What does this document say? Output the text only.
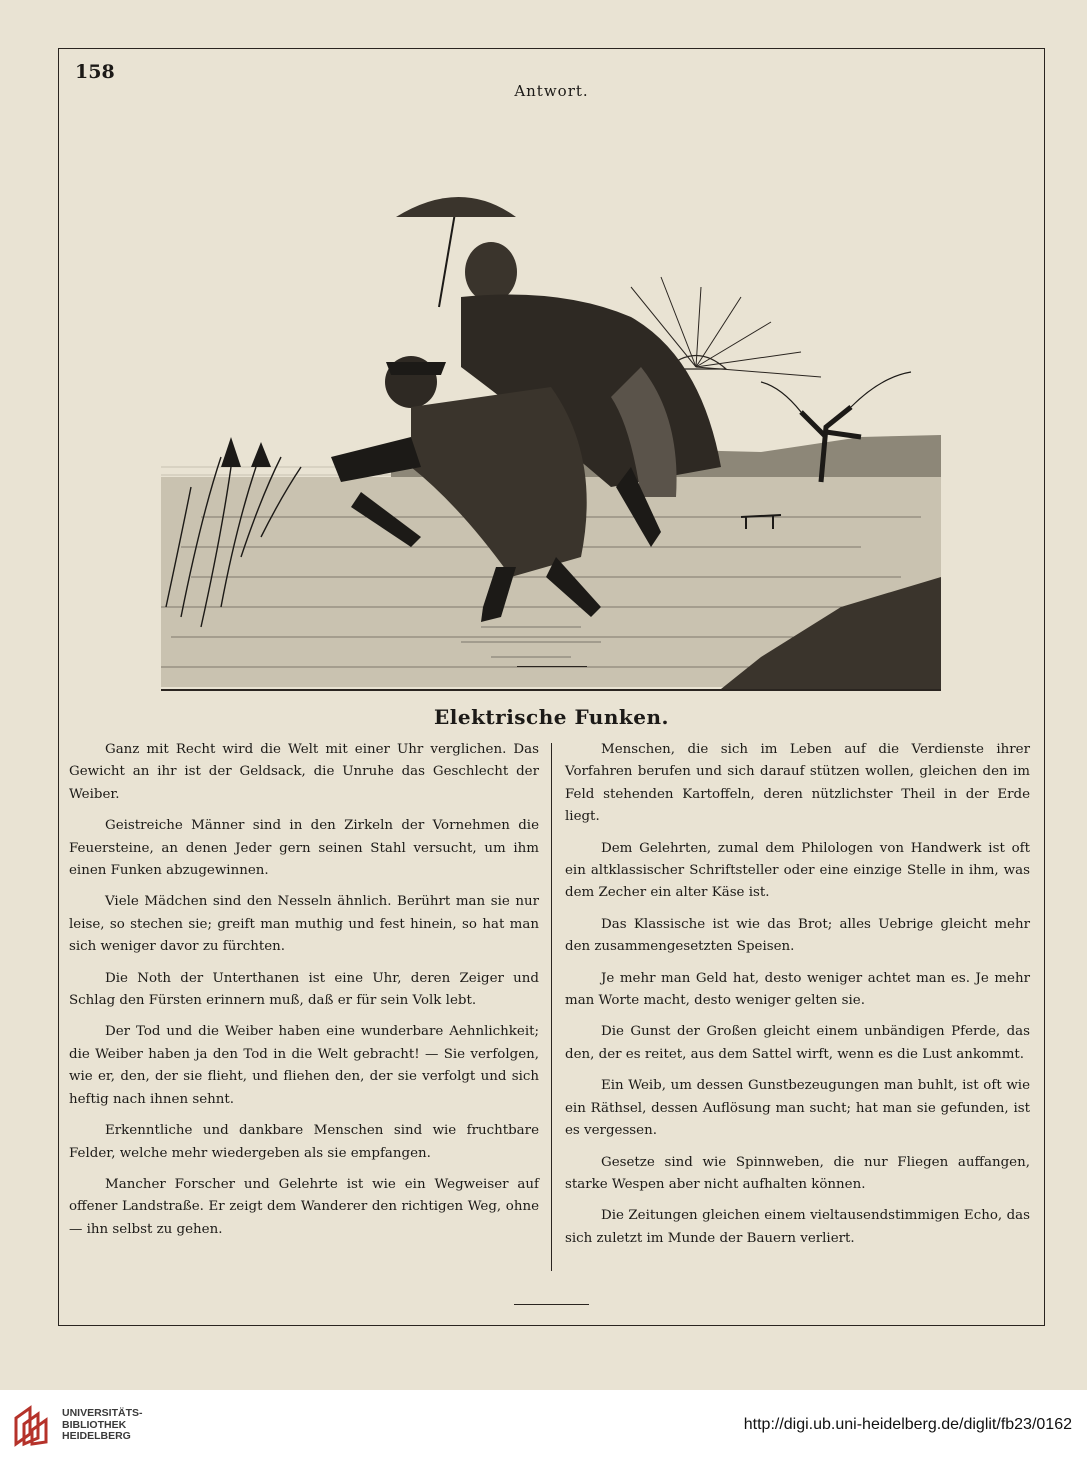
158
Antwort.
Elektrische Funken.

Ganz mit Recht wird die Welt mit einer Uhr verglichen. Das Gewicht an ihr ist der Geldsack, die Unruhe das Geschlecht der Weiber.

Geistreiche Männer sind in den Zirkeln der Vornehmen die Feuersteine, an denen Jeder gern seinen Stahl versucht, um ihm einen Funken abzugewinnen.

Viele Mädchen sind den Nesseln ähnlich. Berührt man sie nur leise, so stechen sie; greift man muthig und fest hinein, so hat man sich weniger davor zu fürchten.

Die Noth der Unterthanen ist eine Uhr, deren Zeiger und Schlag den Fürsten erinnern muß, daß er für sein Volk lebt.

Der Tod und die Weiber haben eine wunderbare Aehnlichkeit; die Weiber haben ja den Tod in die Welt gebracht! — Sie verfolgen, wie er, den, der sie flieht, und fliehen den, der sie verfolgt und sich heftig nach ihnen sehnt.

Erkenntliche und dankbare Menschen sind wie fruchtbare Felder, welche mehr wiedergeben als sie empfangen.

Mancher Forscher und Gelehrte ist wie ein Wegweiser auf offener Landstraße. Er zeigt dem Wanderer den richtigen Weg, ohne — ihn selbst zu gehen.

Menschen, die sich im Leben auf die Verdienste ihrer Vorfahren berufen und sich darauf stützen wollen, gleichen den im Feld stehenden Kartoffeln, deren nützlichster Theil in der Erde liegt.

Dem Gelehrten, zumal dem Philologen von Handwerk ist oft ein altklassischer Schriftsteller oder eine einzige Stelle in ihm, was dem Zecher ein alter Käse ist.

Das Klassische ist wie das Brot; alles Uebrige gleicht mehr den zusammengesetzten Speisen.

Je mehr man Geld hat, desto weniger achtet man es. Je mehr man Worte macht, desto weniger gelten sie.

Die Gunst der Großen gleicht einem unbändigen Pferde, das den, der es reitet, aus dem Sattel wirft, wenn es die Lust ankommt.

Ein Weib, um dessen Gunstbezeugungen man buhlt, ist oft wie ein Räthsel, dessen Auflösung man sucht; hat man sie gefunden, ist es vergessen.

Gesetze sind wie Spinnweben, die nur Fliegen auffangen, starke Wespen aber nicht aufhalten können.

Die Zeitungen gleichen einem vieltausendstimmigen Echo, das sich zuletzt im Munde der Bauern verliert.

UNIVERSITÄTS-
BIBLIOTHEK
HEIDELBERG
http://digi.ub.uni-heidelberg.de/diglit/fb23/0162
